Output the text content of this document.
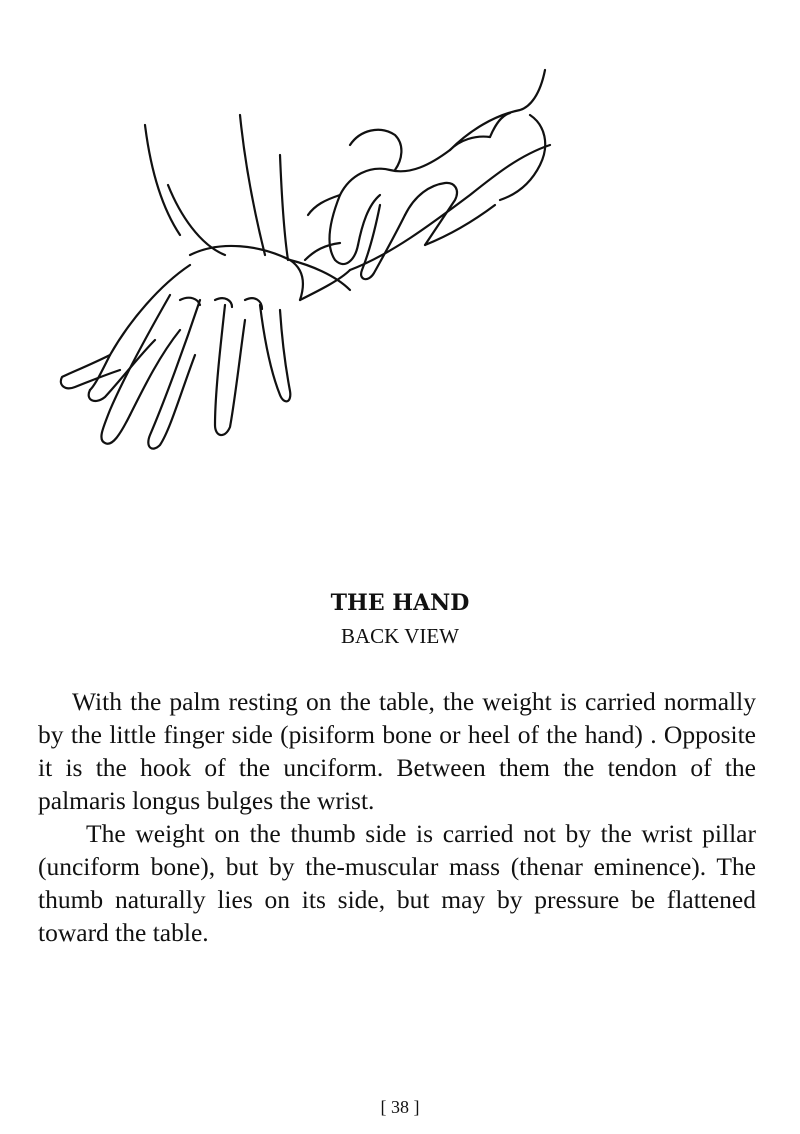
THE HAND
BACK VIEW

With the palm resting on the table, the weight is carried normally by the little finger side (pisiform bone or heel of the hand) . Opposite it is the hook of the unciform. Between them the tendon of the palmaris longus bulges the wrist.

The weight on the thumb side is carried not by the wrist pillar (unciform bone), but by the-muscular mass (thenar eminence). The thumb naturally lies on its side, but may by pressure be flattened toward the table.

[ 38 ]
